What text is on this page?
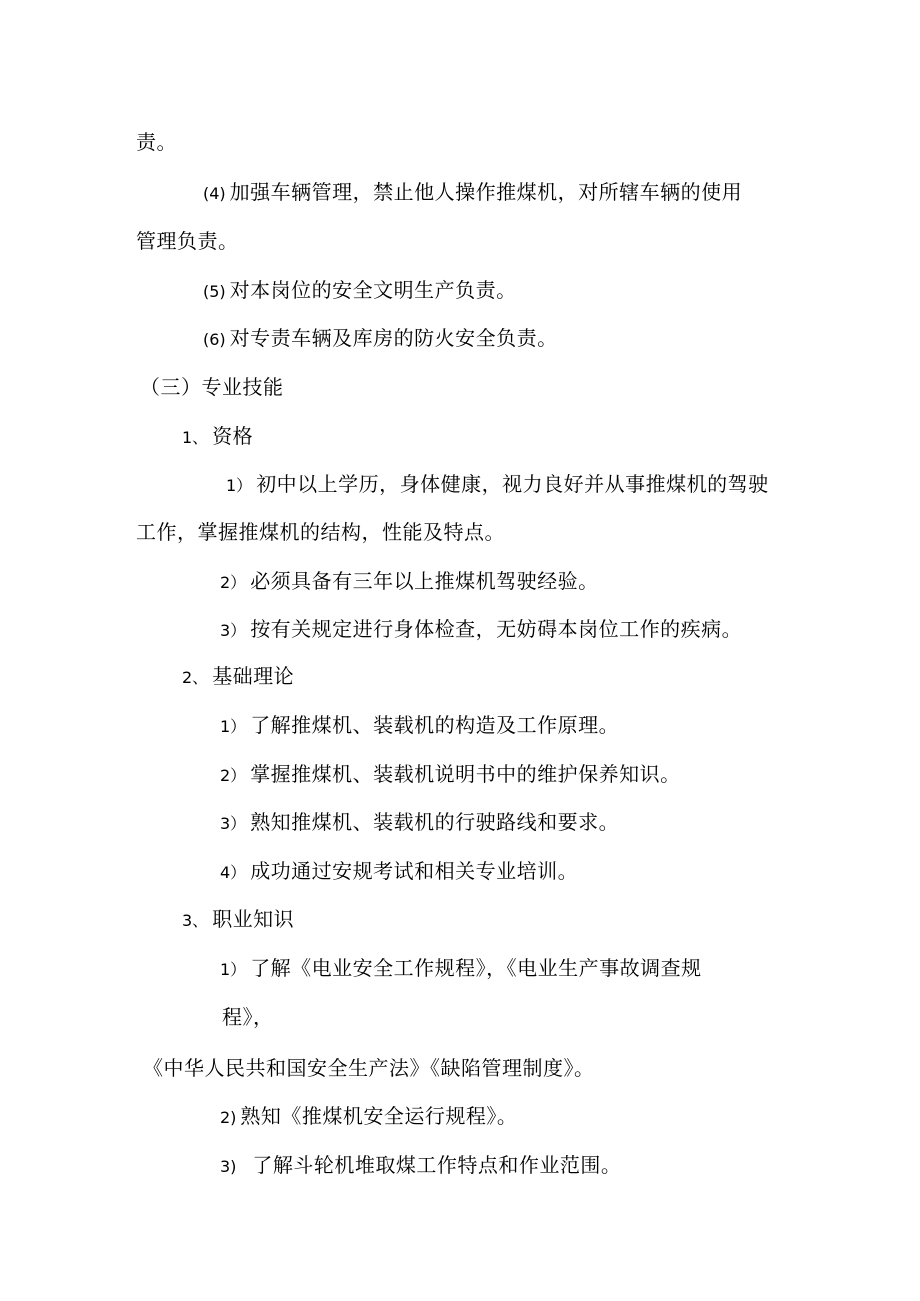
责。
(4) 加强车辆管理，禁止他人操作推煤机，对所辖车辆的使用
管理负责。
(5) 对本岗位的安全文明生产负责。
(6) 对专责车辆及库房的防火安全负责。
（三）专业技能
1、 资格
1） 初中以上学历，身体健康，视力良好并从事推煤机的驾驶
工作，掌握推煤机的结构，性能及特点。
2） 必须具备有三年以上推煤机驾驶经验。
3） 按有关规定进行身体检查，无妨碍本岗位工作的疾病。
2、 基础理论
1） 了解推煤机、装载机的构造及工作原理。
2） 掌握推煤机、装载机说明书中的维护保养知识。
3） 熟知推煤机、装载机的行驶路线和要求。
4） 成功通过安规考试和相关专业培训。
3、 职业知识
1） 了解《电业安全工作规程》，《电业生产事故调查规
程》，
《中华人民共和国安全生产法》《缺陷管理制度》。
2) 熟知《推煤机安全运行规程》。
3) 了解斗轮机堆取煤工作特点和作业范围。
